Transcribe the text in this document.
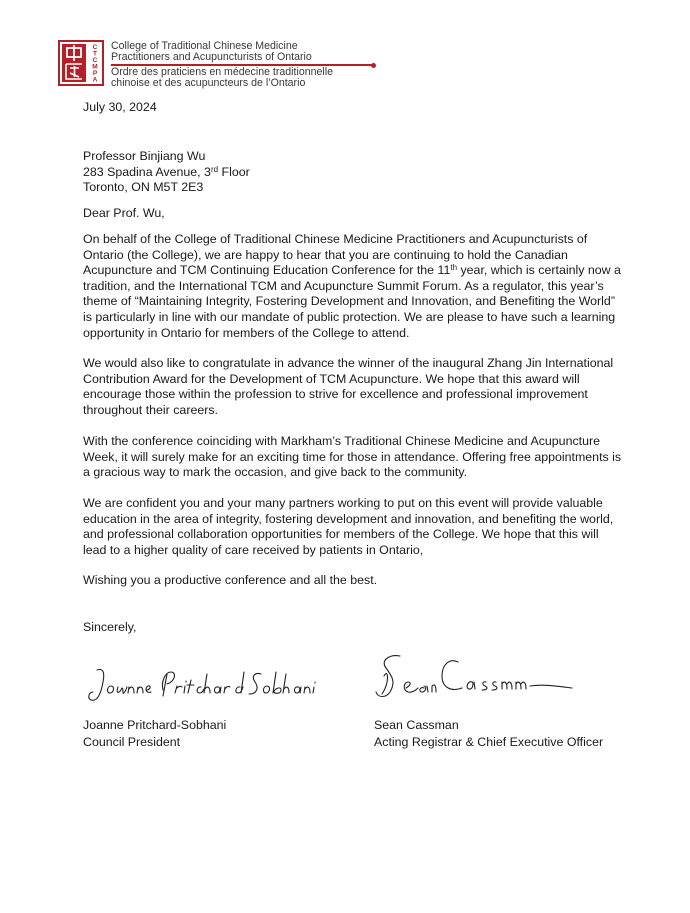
C
T
C
M
P
A
College of Traditional Chinese Medicine Practitioners and Acupuncturists of Ontario
Ordre des praticiens en médecine traditionnelle chinoise et des acupuncteurs de l’Ontario
July 30, 2024
Professor Binjiang Wu
283 Spadina Avenue, 3rd Floor
Toronto, ON M5T 2E3
Dear Prof. Wu,
On behalf of the College of Traditional Chinese Medicine Practitioners and Acupuncturists of Ontario (the College), we are happy to hear that you are continuing to hold the Canadian Acupuncture and TCM Continuing Education Conference for the 11th year, which is certainly now a tradition, and the International TCM and Acupuncture Summit Forum. As a regulator, this year’s theme of “Maintaining Integrity, Fostering Development and Innovation, and Benefiting the World” is particularly in line with our mandate of public protection. We are please to have such a learning opportunity in Ontario for members of the College to attend.
We would also like to congratulate in advance the winner of the inaugural Zhang Jin International Contribution Award for the Development of TCM Acupuncture. We hope that this award will encourage those within the profession to strive for excellence and professional improvement throughout their careers.
With the conference coinciding with Markham’s Traditional Chinese Medicine and Acupuncture Week, it will surely make for an exciting time for those in attendance. Offering free appointments is a gracious way to mark the occasion, and give back to the community.
We are confident you and your many partners working to put on this event will provide valuable education in the area of integrity, fostering development and innovation, and benefiting the world, and professional collaboration opportunities for members of the College. We hope that this will lead to a higher quality of care received by patients in Ontario,
Wishing you a productive conference and all the best.
Sincerely,
Joanne Pritchard-Sobhani
Council President
Sean Cassman
Acting Registrar & Chief Executive Officer
